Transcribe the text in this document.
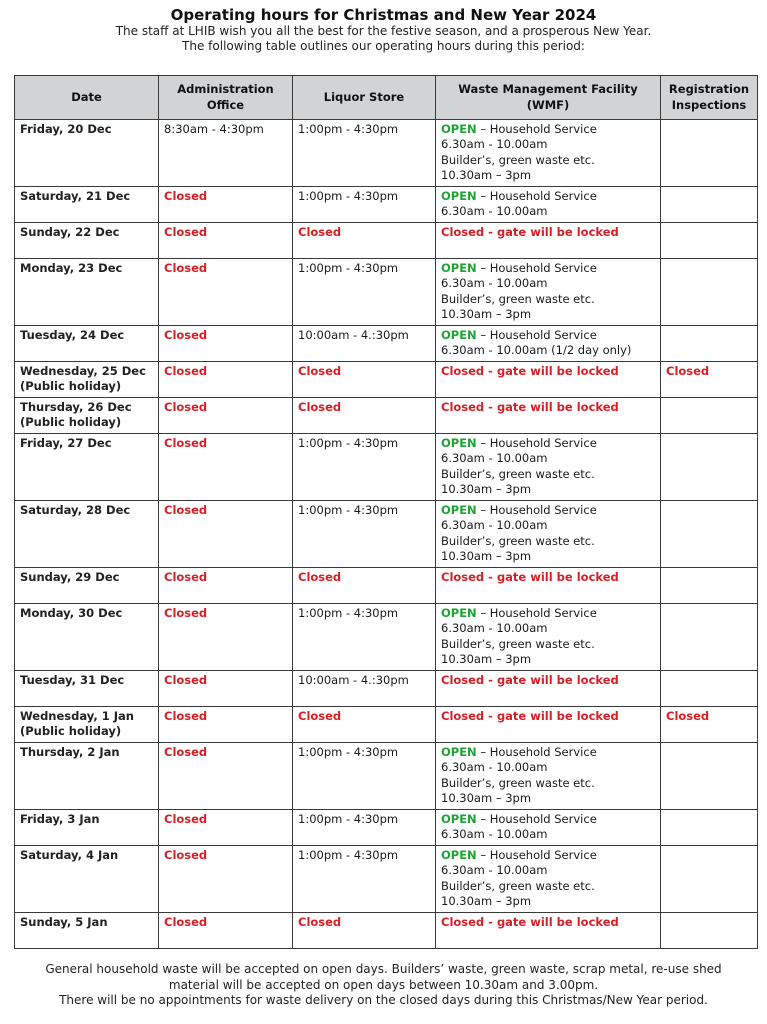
Operating hours for Christmas and New Year 2024
The staff at LHIB wish you all the best for the festive season, and a prosperous New Year.
The following table outlines our operating hours during this period:
Date	Administration Office	Liquor Store	Waste Management Facility (WMF)	Registration Inspections

Friday, 20 Dec	8:30am - 4:30pm	1:00pm - 4:30pm	OPEN – Household Service
6.30am - 10.00am
Builder’s, green waste etc.
10.30am – 3pm	

Saturday, 21 Dec	Closed	1:00pm - 4:30pm	OPEN – Household Service
6.30am - 10.00am	

Sunday, 22 Dec	Closed	Closed	Closed - gate will be locked	

Monday, 23 Dec	Closed	1:00pm - 4:30pm	OPEN – Household Service
6.30am - 10.00am
Builder’s, green waste etc.
10.30am – 3pm	

Tuesday, 24 Dec	Closed	10:00am - 4.:30pm	OPEN – Household Service
6.30am - 10.00am (1/2 day only)	

Wednesday, 25 Dec
(Public holiday)	Closed	Closed	Closed - gate will be locked	Closed

Thursday, 26 Dec
(Public holiday)	Closed	Closed	Closed - gate will be locked	

Friday, 27 Dec	Closed	1:00pm - 4:30pm	OPEN – Household Service
6.30am - 10.00am
Builder’s, green waste etc.
10.30am – 3pm	

Saturday, 28 Dec	Closed	1:00pm - 4:30pm	OPEN – Household Service
6.30am - 10.00am
Builder’s, green waste etc.
10.30am – 3pm	

Sunday, 29 Dec	Closed	Closed	Closed - gate will be locked	

Monday, 30 Dec	Closed	1:00pm - 4:30pm	OPEN – Household Service
6.30am - 10.00am
Builder’s, green waste etc.
10.30am – 3pm	

Tuesday, 31 Dec	Closed	10:00am - 4.:30pm	Closed - gate will be locked	

Wednesday, 1 Jan
(Public holiday)	Closed	Closed	Closed - gate will be locked	Closed

Thursday, 2 Jan	Closed	1:00pm - 4:30pm	OPEN – Household Service
6.30am - 10.00am
Builder’s, green waste etc.
10.30am – 3pm	

Friday, 3 Jan	Closed	1:00pm - 4:30pm	OPEN – Household Service
6.30am - 10.00am	

Saturday, 4 Jan	Closed	1:00pm - 4:30pm	OPEN – Household Service
6.30am - 10.00am
Builder’s, green waste etc.
10.30am – 3pm	

Sunday, 5 Jan	Closed	Closed	Closed - gate will be locked	

General household waste will be accepted on open days. Builders’ waste, green waste, scrap metal, re-use shed
material will be accepted on open days between 10.30am and 3.00pm.
There will be no appointments for waste delivery on the closed days during this Christmas/New Year period.
